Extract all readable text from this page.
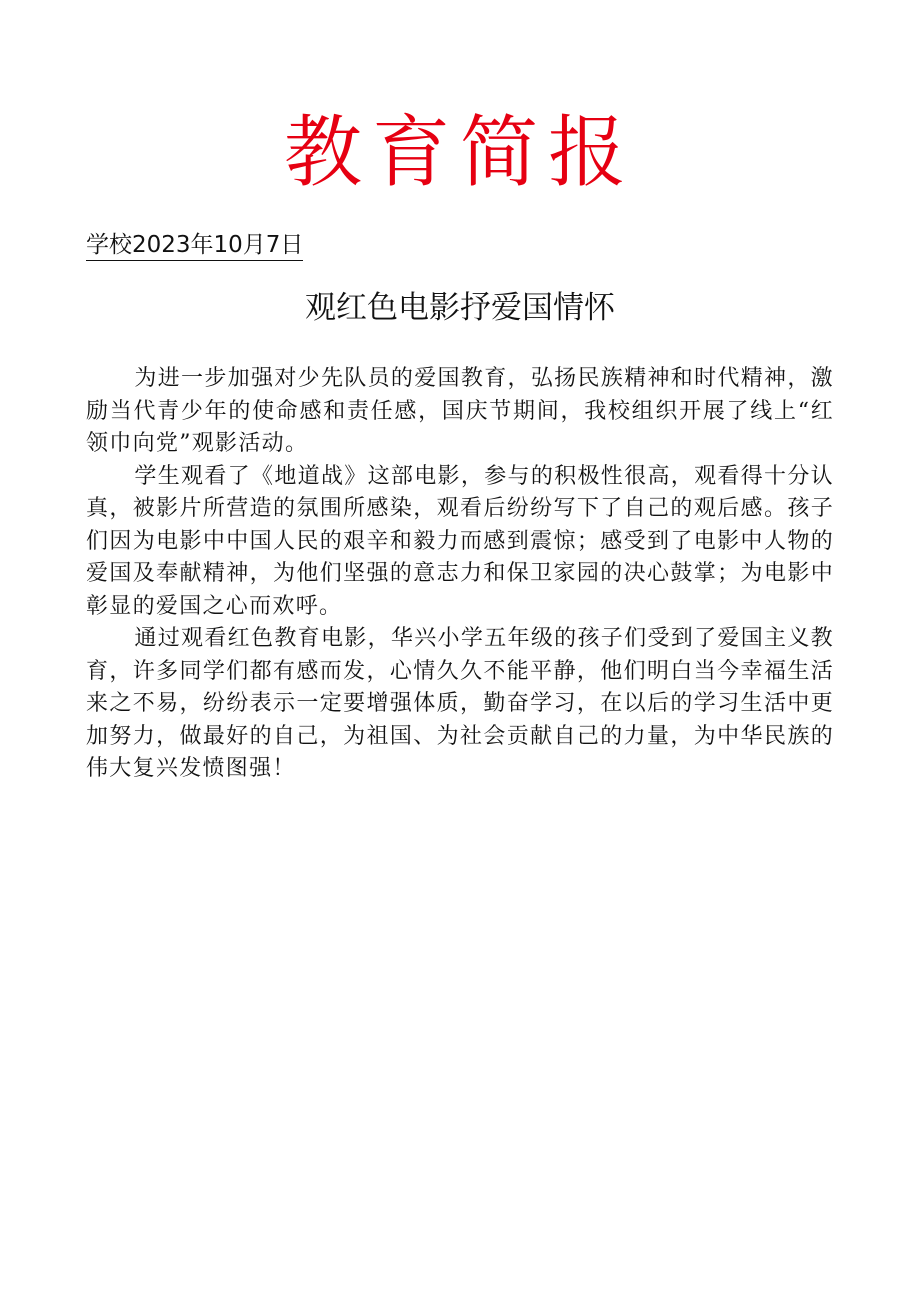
教育简报
学校2023年10月7日
观红色电影抒爱国情怀

为进一步加强对少先队员的爱国教育，弘扬民族精神和时代精神，激励当代青少年的使命感和责任感，国庆节期间，我校组织开展了线上“红领巾向党”观影活动。

学生观看了《地道战》这部电影，参与的积极性很高，观看得十分认真，被影片所营造的氛围所感染，观看后纷纷写下了自己的观后感。孩子们因为电影中中国人民的艰辛和毅力而感到震惊；感受到了电影中人物的爱国及奉献精神，为他们坚强的意志力和保卫家园的决心鼓掌；为电影中彰显的爱国之心而欢呼。

通过观看红色教育电影，华兴小学五年级的孩子们受到了爱国主义教育，许多同学们都有感而发，心情久久不能平静，他们明白当今幸福生活来之不易，纷纷表示一定要增强体质，勤奋学习，在以后的学习生活中更加努力，做最好的自己，为祖国、为社会贡献自己的力量，为中华民族的伟大复兴发愤图强！
